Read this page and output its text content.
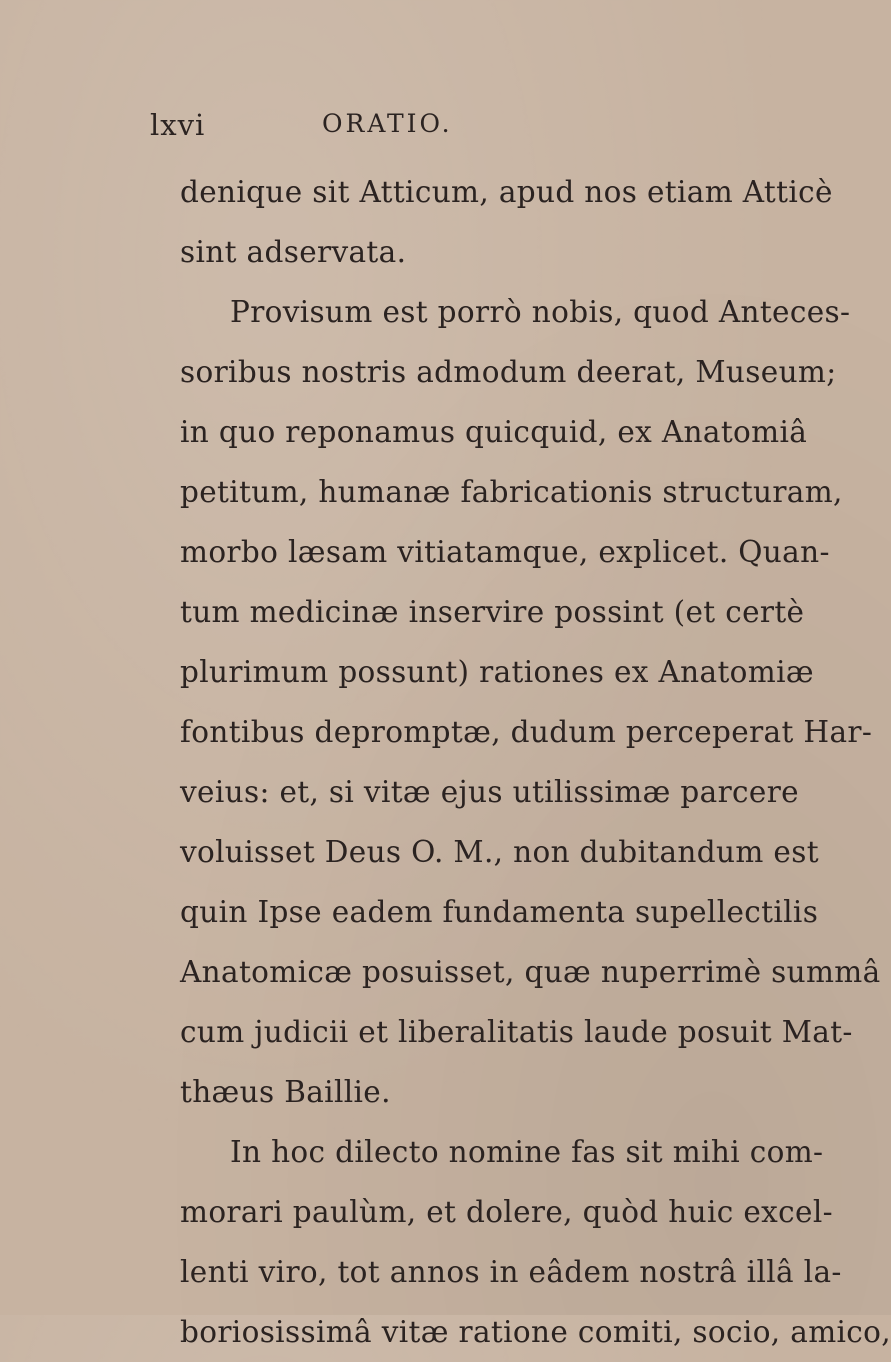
lxvi	ORATIO.
denique sit Atticum, apud nos etiam Atticè
sint adservata.
Provisum est porrò nobis, quod Anteces-
soribus nostris admodum deerat, Museum;
in quo reponamus quicquid, ex Anatomiâ
petitum, humanæ fabricationis structuram,
morbo læsam vitiatamque, explicet. Quan-
tum medicinæ inservire possint (et certè
plurimum possunt) rationes ex Anatomiæ
fontibus depromptæ, dudum perceperat Har-
veius: et, si vitæ ejus utilissimæ parcere
voluisset Deus O. M., non dubitandum est
quin Ipse eadem fundamenta supellectilis
Anatomicæ posuisset, quæ nuperrimè summâ
cum judicii et liberalitatis laude posuit Mat-
thæus Baillie.
In hoc dilecto nomine fas sit mihi com-
morari paulùm, et dolere, quòd huic excel-
lenti viro, tot annos in eâdem nostrâ illâ la-
boriosissimâ vitæ ratione comiti, socio, amico,
